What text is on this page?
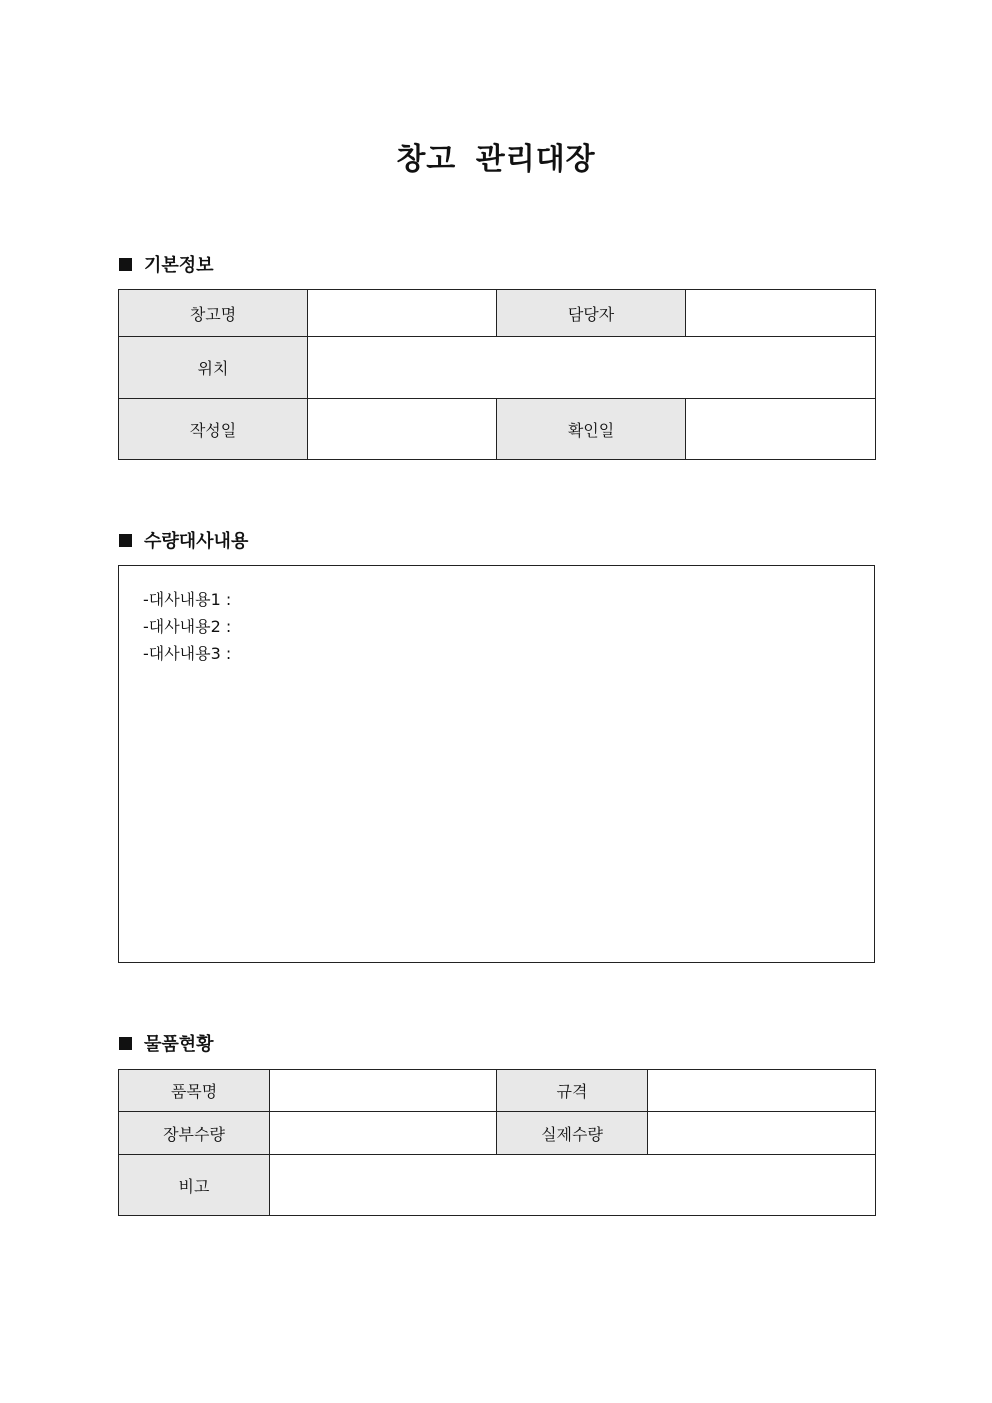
창고 관리대장
기본정보
창고명		담당자	
위치			
작성일		확인일	
수량대사내용
-대사내용1 :
-대사내용2 :
-대사내용3 :
물품현황
품목명		규격	
장부수량		실제수량	
비고			
